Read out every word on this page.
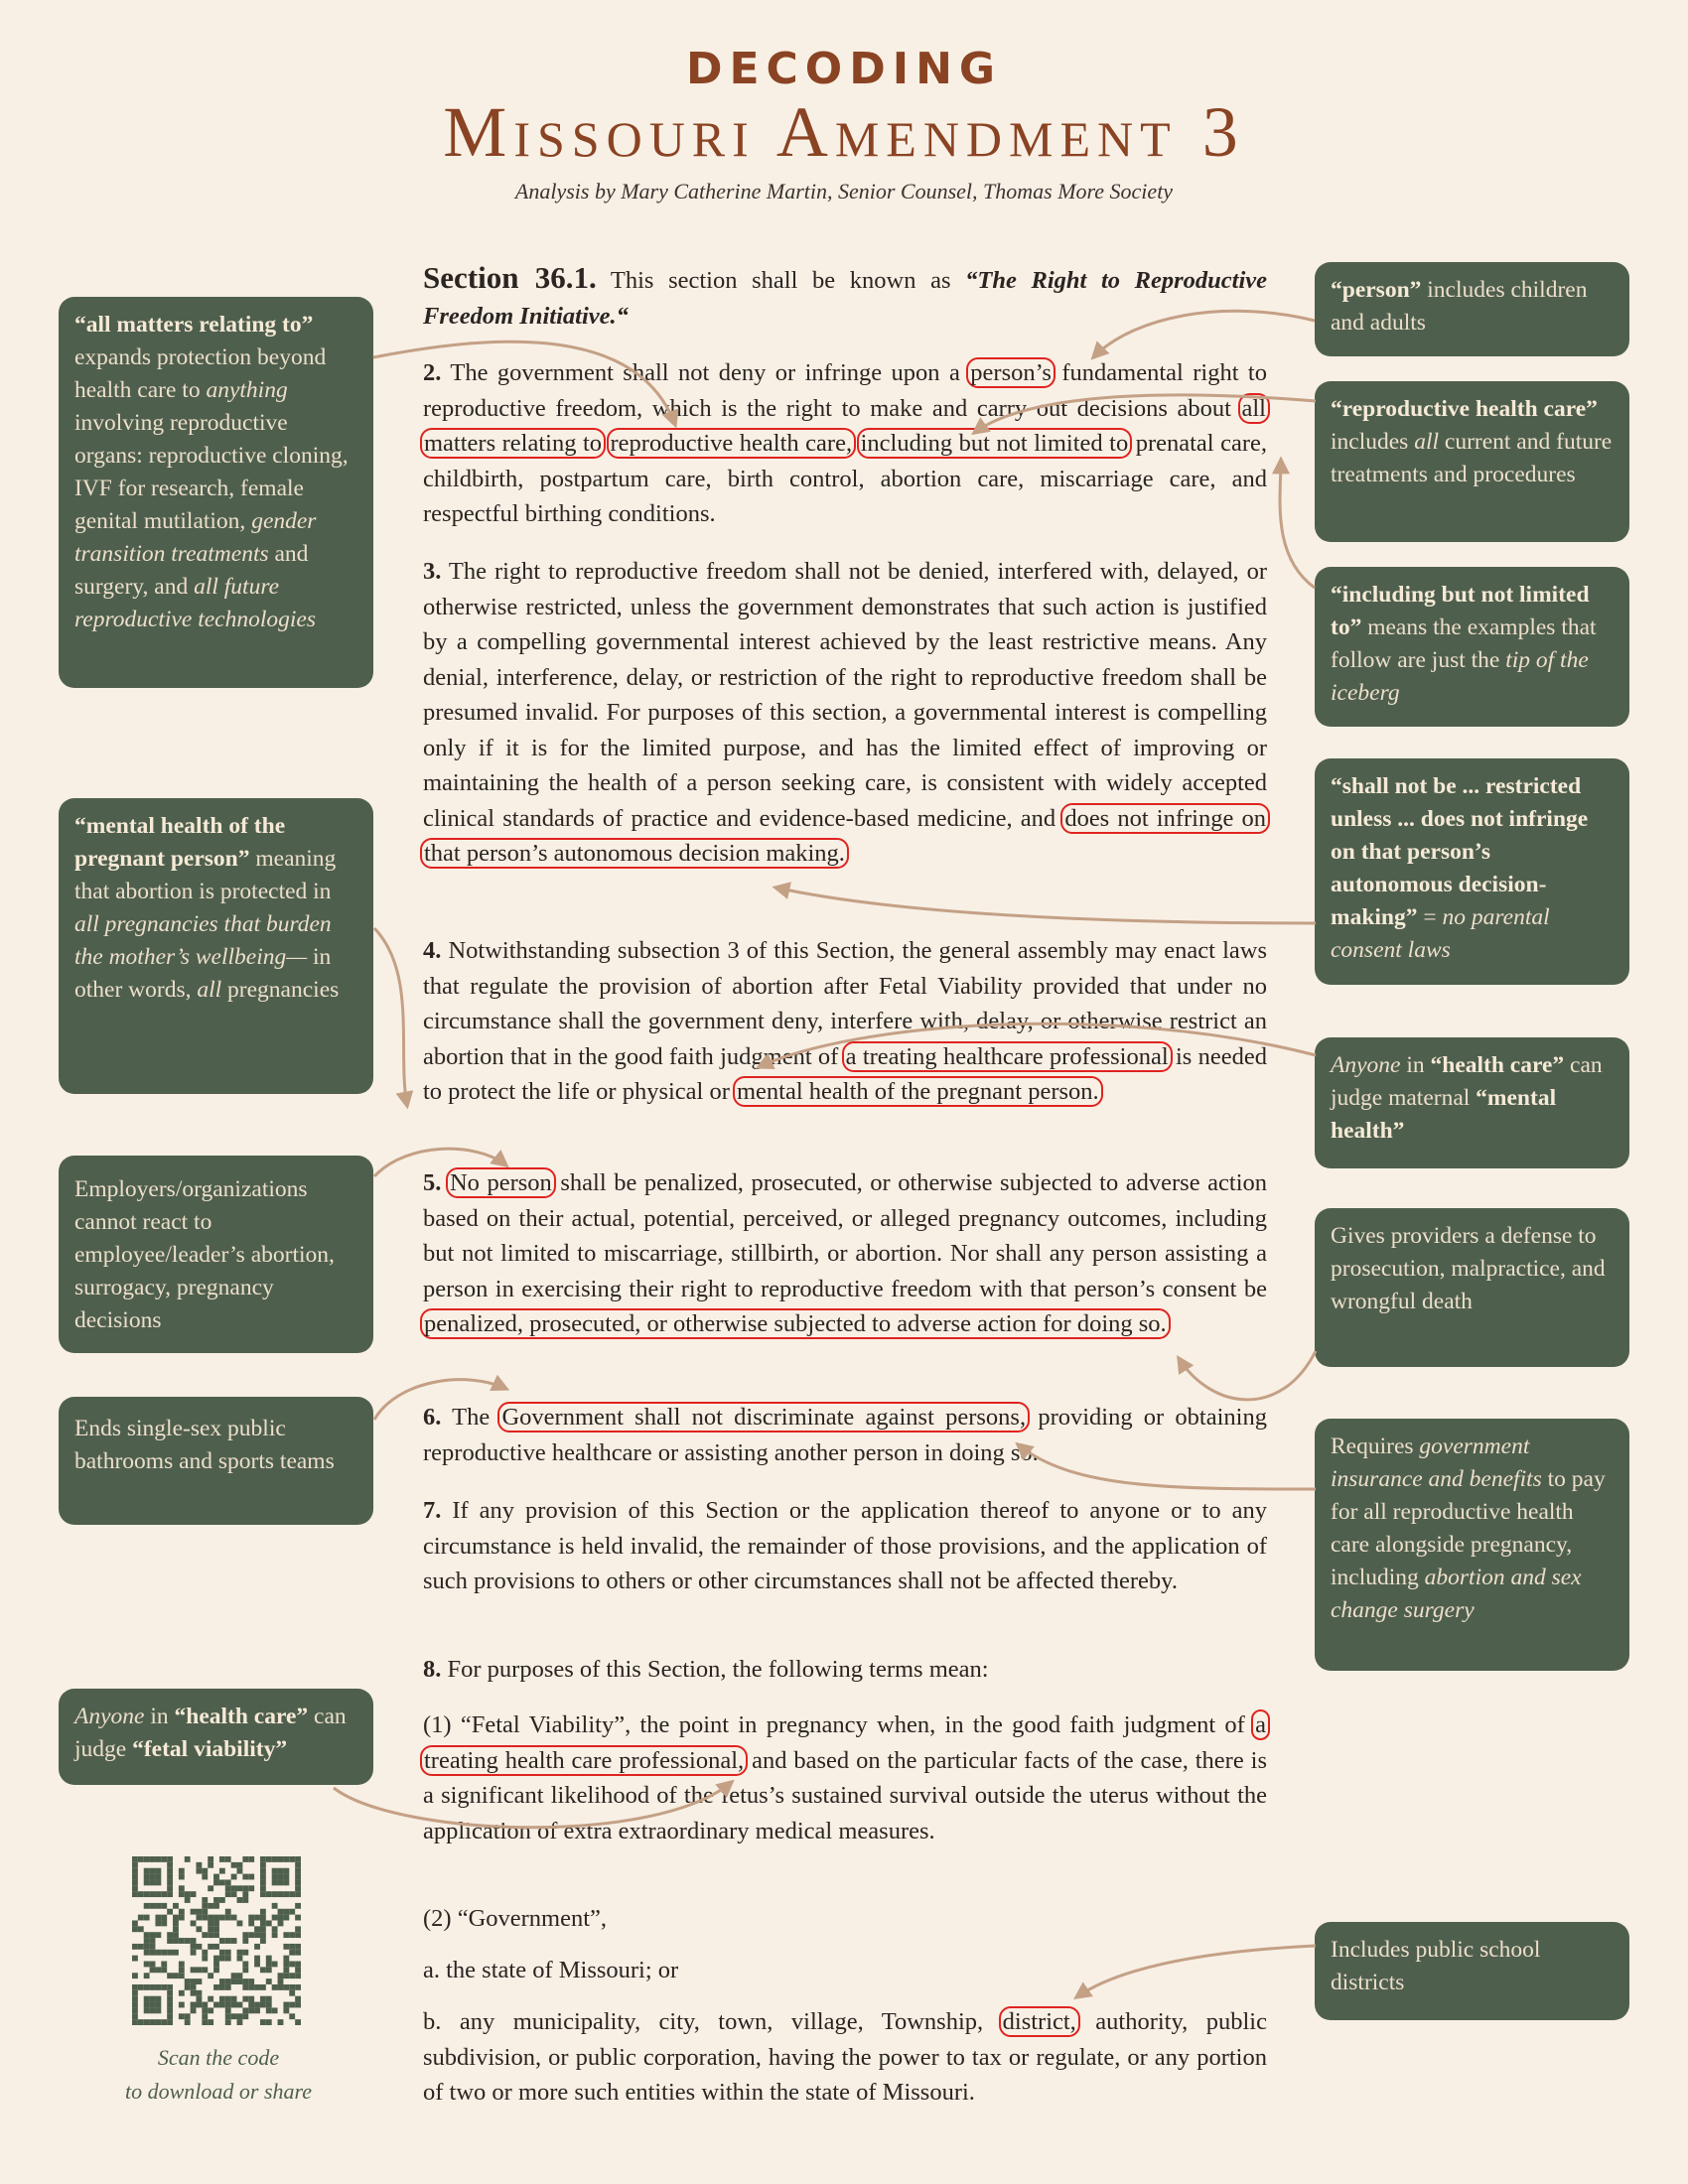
DECODING
Missouri Amendment 3
Analysis by Mary Catherine Martin, Senior Counsel, Thomas More Society
Section 36.1. This section shall be known as “The Right to Reproductive Freedom Initiative.“
2. The government shall not deny or infringe upon a person’s fundamental right to reproductive freedom, which is the right to make and carry out decisions about all matters relating to reproductive health care, including but not limited to prenatal care, childbirth, postpartum care, birth control, abortion care, miscarriage care, and respectful birthing conditions.
3. The right to reproductive freedom shall not be denied, interfered with, delayed, or otherwise restricted, unless the government demonstrates that such action is justified by a compelling governmental interest achieved by the least restrictive means. Any denial, interference, delay, or restriction of the right to reproductive freedom shall be presumed invalid. For purposes of this section, a governmental interest is compelling only if it is for the limited purpose, and has the limited effect of improving or maintaining the health of a person seeking care, is consistent with widely accepted clinical standards of practice and evidence-based medicine, and does not infringe on that person’s autonomous decision making.
4. Notwithstanding subsection 3 of this Section, the general assembly may enact laws that regulate the provision of abortion after Fetal Viability provided that under no circumstance shall the government deny, interfere with, delay, or otherwise restrict an abortion that in the good faith judgment of a treating healthcare professional is needed to protect the life or physical or mental health of the pregnant person.
5. No person shall be penalized, prosecuted, or otherwise subjected to adverse action based on their actual, potential, perceived, or alleged pregnancy outcomes, including but not limited to miscarriage, stillbirth, or abortion. Nor shall any person assisting a person in exercising their right to reproductive freedom with that person’s consent be penalized, prosecuted, or otherwise subjected to adverse action for doing so.
6. The Government shall not discriminate against persons, providing or obtaining reproductive healthcare or assisting another person in doing so.
7. If any provision of this Section or the application thereof to anyone or to any circumstance is held invalid, the remainder of those provisions, and the application of such provisions to others or other circumstances shall not be affected thereby.
8. For purposes of this Section, the following terms mean:
(1) “Fetal Viability”, the point in pregnancy when, in the good faith judgment of a treating health care professional, and based on the particular facts of the case, there is a significant likelihood of the fetus’s sustained survival outside the uterus without the application of extra extraordinary medical measures.
(2) “Government”,
a. the state of Missouri; or
b. any municipality, city, town, village, Township, district, authority, public subdivision, or public corporation, having the power to tax or regulate, or any portion of two or more such entities within the state of Missouri.
“all matters relating to” expands protection beyond health care to anything involving reproductive organs: reproductive cloning, IVF for research, female genital mutilation, gender transition treatments and surgery, and all future reproductive technologies
“mental health of the pregnant person” meaning that abortion is protected in all pregnancies that burden the mother’s wellbeing— in other words, all pregnancies
Employers/organizations cannot react to employee/leader’s abortion, surrogacy, pregnancy decisions
Ends single-sex public bathrooms and sports teams
Anyone in “health care” can judge “fetal viability”
“person” includes children and adults
“reproductive health care” includes all current and future treatments and procedures
“including but not limited to” means the examples that follow are just the tip of the iceberg
“shall not be ... restricted unless ... does not infringe on that person’s autonomous decision-making” = no parental consent laws
Anyone in “health care” can judge maternal “mental health”
Gives providers a defense to prosecution, malpractice, and wrongful death
Requires government insurance and benefits to pay for all reproductive health care alongside pregnancy, including abortion and sex change surgery
Includes public school districts
Scan the code
to download or share
